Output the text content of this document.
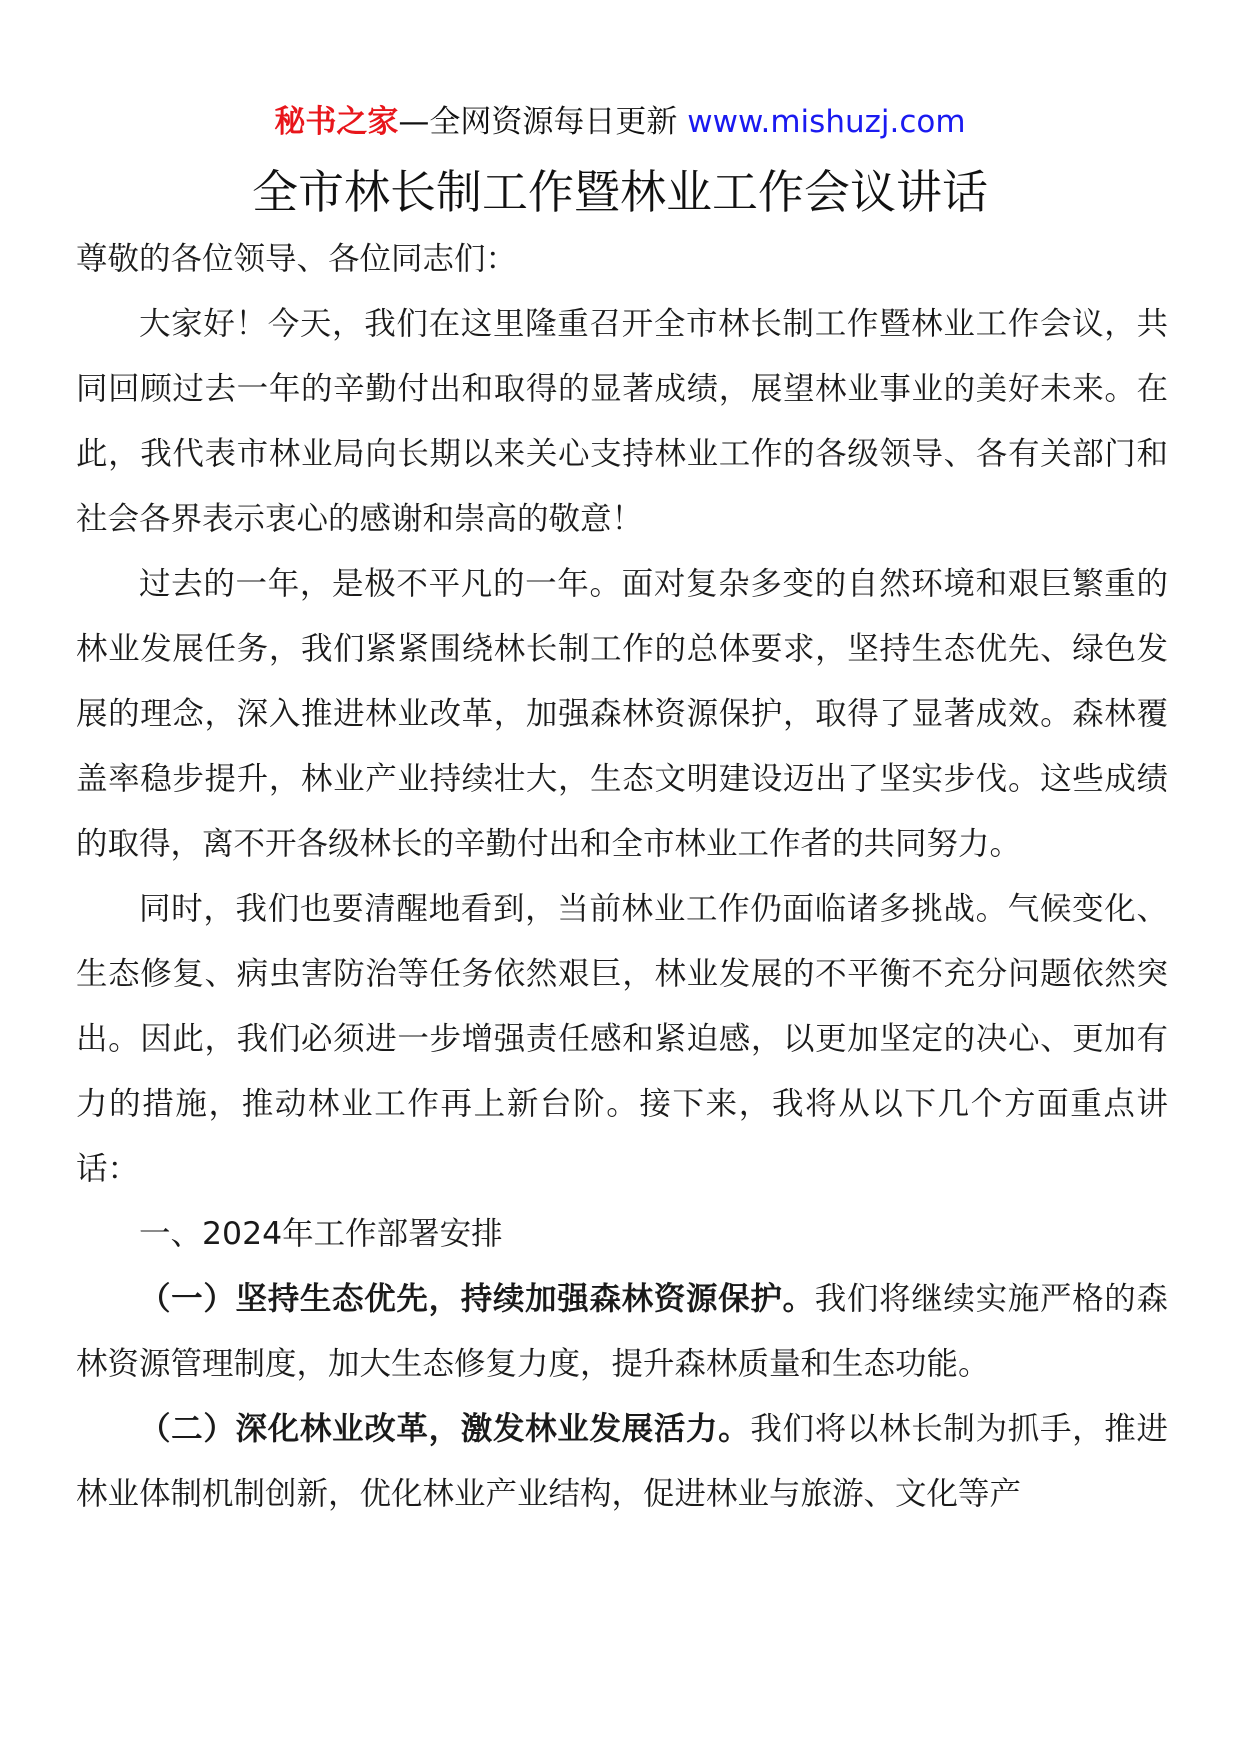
秘书之家—全网资源每日更新 www.mishuzj.com
全市林长制工作暨林业工作会议讲话

尊敬的各位领导、各位同志们：

大家好！今天，我们在这里隆重召开全市林长制工作暨林业工作会议，共同回顾过去一年的辛勤付出和取得的显著成绩，展望林业事业的美好未来。在此，我代表市林业局向长期以来关心支持林业工作的各级领导、各有关部门和社会各界表示衷心的感谢和崇高的敬意！

过去的一年，是极不平凡的一年。面对复杂多变的自然环境和艰巨繁重的林业发展任务，我们紧紧围绕林长制工作的总体要求，坚持生态优先、绿色发展的理念，深入推进林业改革，加强森林资源保护，取得了显著成效。森林覆盖率稳步提升，林业产业持续壮大，生态文明建设迈出了坚实步伐。这些成绩的取得，离不开各级林长的辛勤付出和全市林业工作者的共同努力。

同时，我们也要清醒地看到，当前林业工作仍面临诸多挑战。气候变化、生态修复、病虫害防治等任务依然艰巨，林业发展的不平衡不充分问题依然突出。因此，我们必须进一步增强责任感和紧迫感，以更加坚定的决心、更加有力的措施，推动林业工作再上新台阶。接下来，我将从以下几个方面重点讲话：

一、2024年工作部署安排

（一）坚持生态优先，持续加强森林资源保护。我们将继续实施严格的森林资源管理制度，加大生态修复力度，提升森林质量和生态功能。

（二）深化林业改革，激发林业发展活力。我们将以林长制为抓手，推进林业体制机制创新，优化林业产业结构，促进林业与旅游、文化等产
